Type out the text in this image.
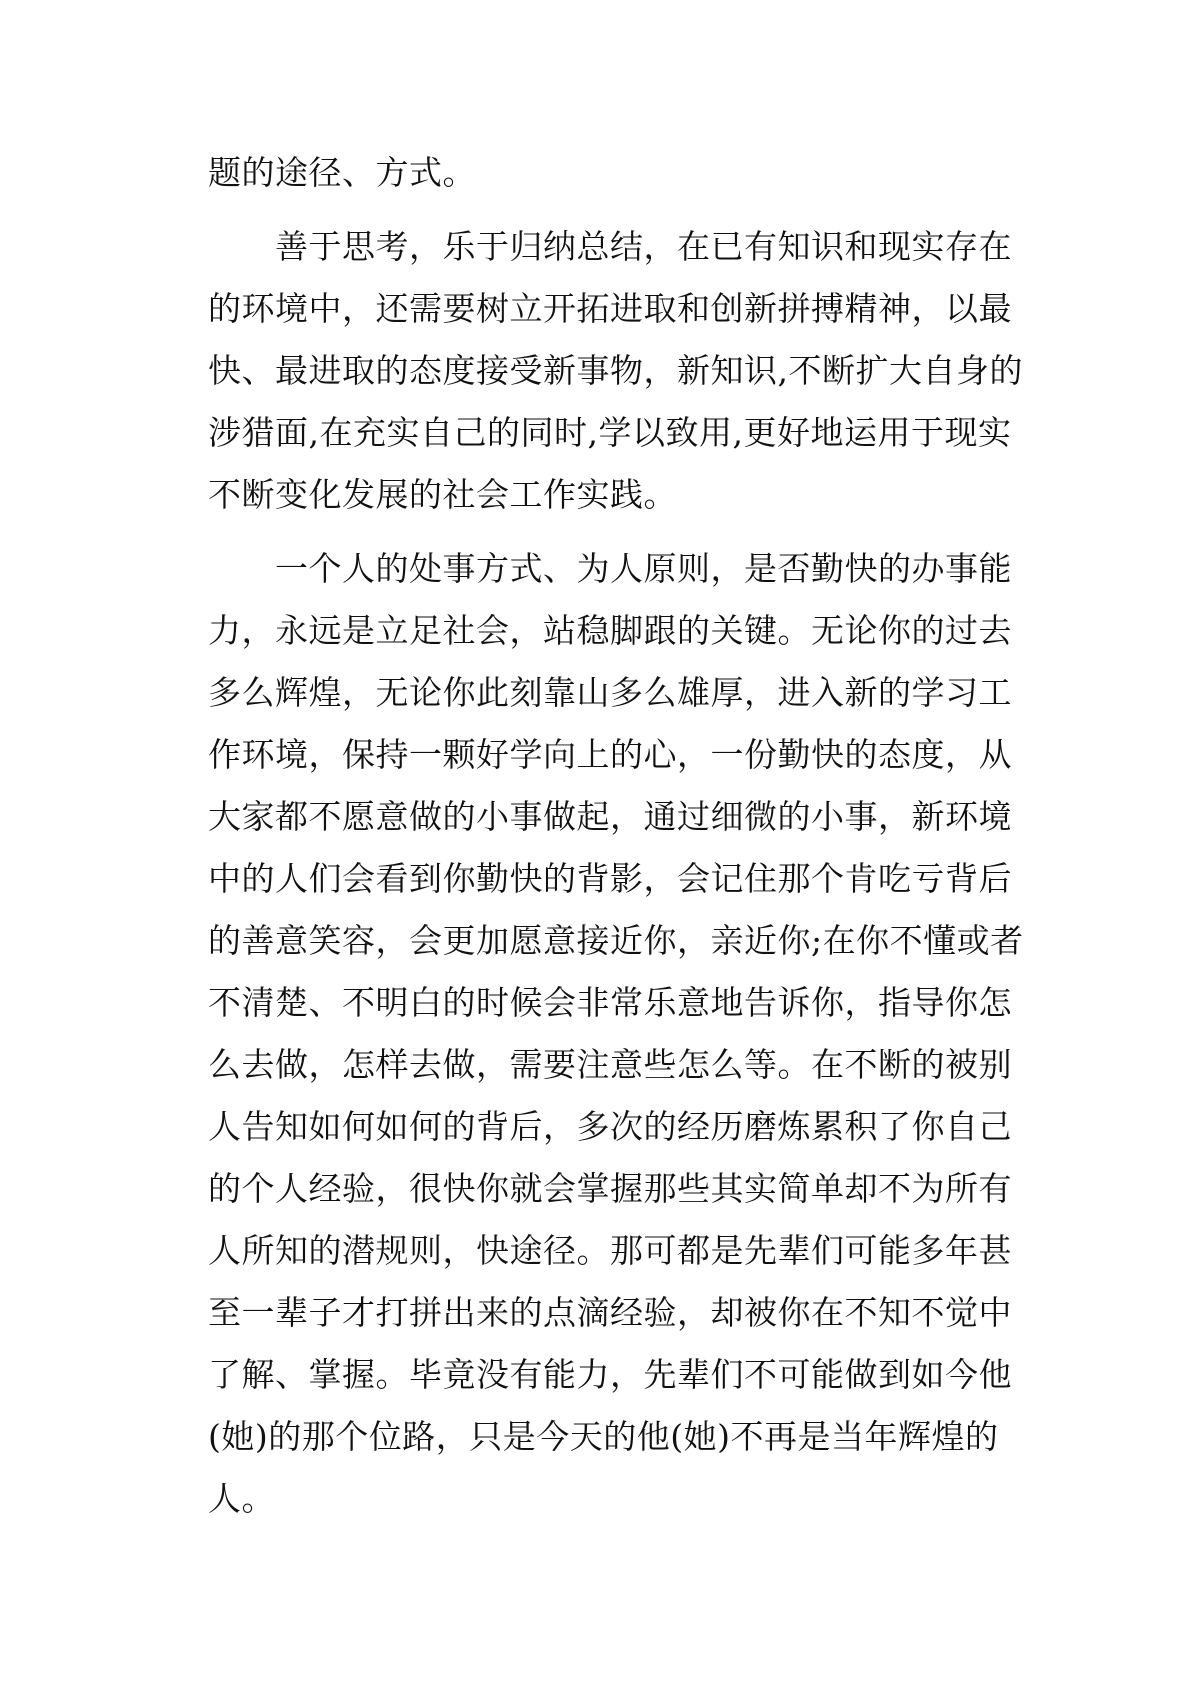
题的途径、方式。
　　善于思考，乐于归纳总结，在已有知识和现实存在
的环境中，还需要树立开拓进取和创新拼搏精神，以最
快、最进取的态度接受新事物，新知识,不断扩大自身的
涉猎面,在充实自己的同时,学以致用,更好地运用于现实
不断变化发展的社会工作实践。
　　一个人的处事方式、为人原则，是否勤快的办事能
力，永远是立足社会，站稳脚跟的关键。无论你的过去
多么辉煌，无论你此刻靠山多么雄厚，进入新的学习工
作环境，保持一颗好学向上的心，一份勤快的态度，从
大家都不愿意做的小事做起，通过细微的小事，新环境
中的人们会看到你勤快的背影，会记住那个肯吃亏背后
的善意笑容，会更加愿意接近你，亲近你;在你不懂或者
不清楚、不明白的时候会非常乐意地告诉你，指导你怎
么去做，怎样去做，需要注意些怎么等。在不断的被别
人告知如何如何的背后，多次的经历磨炼累积了你自己
的个人经验，很快你就会掌握那些其实简单却不为所有
人所知的潜规则，快途径。那可都是先辈们可能多年甚
至一辈子才打拼出来的点滴经验，却被你在不知不觉中
了解、掌握。毕竟没有能力，先辈们不可能做到如今他
(她)的那个位路，只是今天的他(她)不再是当年辉煌的
人。
